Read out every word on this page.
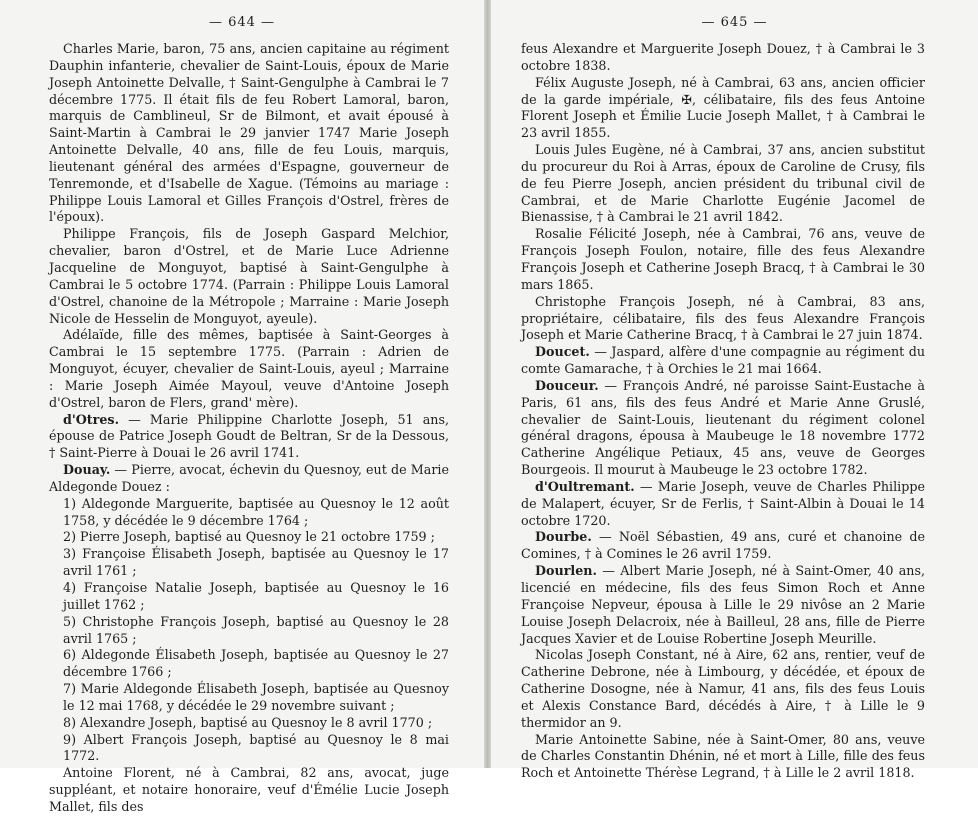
— 644 —

Charles Marie, baron, 75 ans, ancien capitaine au régiment Dauphin infanterie, chevalier de Saint-Louis, époux de Marie Joseph Antoinette Delvalle, † Saint-Gengulphe à Cambrai le 7 décembre 1775. Il était fils de feu Robert Lamoral, baron, marquis de Camblineul, Sr de Bilmont, et avait épousé à Saint-Martin à Cambrai le 29 janvier 1747 Marie Joseph Antoinette Delvalle, 40 ans, fille de feu Louis, marquis, lieutenant général des armées d'Espagne, gouverneur de Tenremonde, et d'Isabelle de Xague. (Témoins au mariage : Philippe Louis Lamoral et Gilles François d'Ostrel, frères de l'époux).

Philippe François, fils de Joseph Gaspard Melchior, chevalier, baron d'Ostrel, et de Marie Luce Adrienne Jacqueline de Monguyot, baptisé à Saint-Gengulphe à Cambrai le 5 octobre 1774. (Parrain : Philippe Louis Lamoral d'Ostrel, chanoine de la Métropole ; Marraine : Marie Joseph Nicole de Hesselin de Monguyot, ayeule).

Adélaïde, fille des mêmes, baptisée à Saint-Georges à Cambrai le 15 septembre 1775. (Parrain : Adrien de Monguyot, écuyer, chevalier de Saint-Louis, ayeul ; Marraine : Marie Joseph Aimée Mayoul, veuve d'Antoine Joseph d'Ostrel, baron de Flers, grand' mère).

d'Otres. — Marie Philippine Charlotte Joseph, 51 ans, épouse de Patrice Joseph Goudt de Beltran, Sr de la Dessous, † Saint-Pierre à Douai le 26 avril 1741.

Douay. — Pierre, avocat, échevin du Quesnoy, eut de Marie Aldegonde Douez :

1) Aldegonde Marguerite, baptisée au Quesnoy le 12 août 1758, y décédée le 9 décembre 1764 ;

2) Pierre Joseph, baptisé au Quesnoy le 21 octobre 1759 ;

3) Françoise Élisabeth Joseph, baptisée au Quesnoy le 17 avril 1761 ;

4) Françoise Natalie Joseph, baptisée au Quesnoy le 16 juillet 1762 ;

5) Christophe François Joseph, baptisé au Quesnoy le 28 avril 1765 ;

6) Aldegonde Élisabeth Joseph, baptisée au Quesnoy le 27 décembre 1766 ;

7) Marie Aldegonde Élisabeth Joseph, baptisée au Quesnoy le 12 mai 1768, y décédée le 29 novembre suivant ;

8) Alexandre Joseph, baptisé au Quesnoy le 8 avril 1770 ;

9) Albert François Joseph, baptisé au Quesnoy le 8 mai 1772.

Antoine Florent, né à Cambrai, 82 ans, avocat, juge suppléant, et notaire honoraire, veuf d'Émélie Lucie Joseph Mallet, fils des

— 645 —

feus Alexandre et Marguerite Joseph Douez, † à Cambrai le 3 octobre 1838.

Félix Auguste Joseph, né à Cambrai, 63 ans, ancien officier de la garde impériale, ✠, célibataire, fils des feus Antoine Florent Joseph et Émilie Lucie Joseph Mallet, † à Cambrai le 23 avril 1855.

Louis Jules Eugène, né à Cambrai, 37 ans, ancien substitut du procureur du Roi à Arras, époux de Caroline de Crusy, fils de feu Pierre Joseph, ancien président du tribunal civil de Cambrai, et de Marie Charlotte Eugénie Jacomel de Bienassise, † à Cambrai le 21 avril 1842.

Rosalie Félicité Joseph, née à Cambrai, 76 ans, veuve de François Joseph Foulon, notaire, fille des feus Alexandre François Joseph et Catherine Joseph Bracq, † à Cambrai le 30 mars 1865.

Christophe François Joseph, né à Cambrai, 83 ans, propriétaire, célibataire, fils des feus Alexandre François Joseph et Marie Catherine Bracq, † à Cambrai le 27 juin 1874.

Doucet. — Jaspard, alfère d'une compagnie au régiment du comte Gamarache, † à Orchies le 21 mai 1664.

Douceur. — François André, né paroisse Saint-Eustache à Paris, 61 ans, fils des feus André et Marie Anne Gruslé, chevalier de Saint-Louis, lieutenant du régiment colonel général dragons, épousa à Maubeuge le 18 novembre 1772 Catherine Angélique Petiaux, 45 ans, veuve de Georges Bourgeois. Il mourut à Maubeuge le 23 octobre 1782.

d'Oultremant. — Marie Joseph, veuve de Charles Philippe de Malapert, écuyer, Sr de Ferlis, † Saint-Albin à Douai le 14 octobre 1720.

Dourbe. — Noël Sébastien, 49 ans, curé et chanoine de Comines, † à Comines le 26 avril 1759.

Dourlen. — Albert Marie Joseph, né à Saint-Omer, 40 ans, licencié en médecine, fils des feus Simon Roch et Anne Françoise Nepveur, épousa à Lille le 29 nivôse an 2 Marie Louise Joseph Delacroix, née à Bailleul, 28 ans, fille de Pierre Jacques Xavier et de Louise Robertine Joseph Meurille.

Nicolas Joseph Constant, né à Aire, 62 ans, rentier, veuf de Catherine Debrone, née à Limbourg, y décédée, et époux de Catherine Dosogne, née à Namur, 41 ans, fils des feus Louis et Alexis Constance Bard, décédés à Aire, † à Lille le 9 thermidor an 9.

Marie Antoinette Sabine, née à Saint-Omer, 80 ans, veuve de Charles Constantin Dhénin, né et mort à Lille, fille des feus Roch et Antoinette Thérèse Legrand, † à Lille le 2 avril 1818.
